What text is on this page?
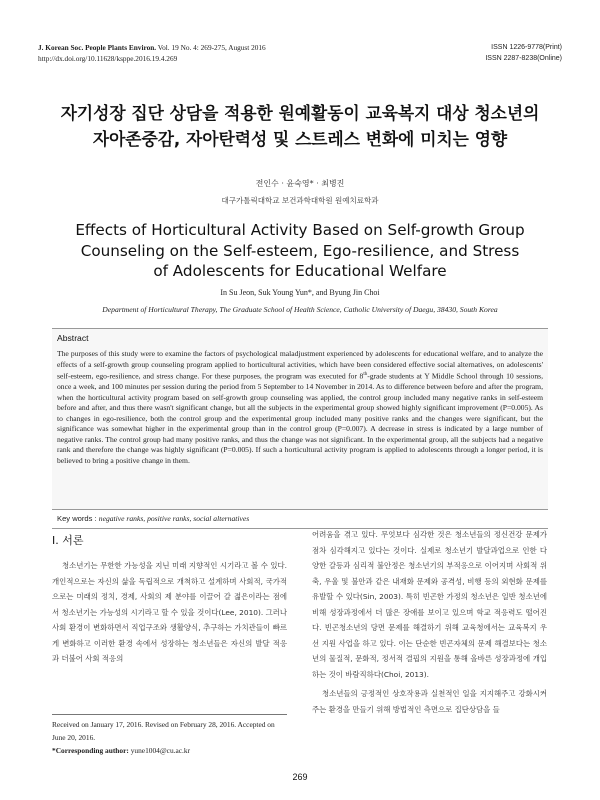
J. Korean Soc. People Plants Environ. Vol. 19 No. 4: 269-275, August 2016
http://dx.doi.org/10.11628/ksppe.2016.19.4.269
ISSN 1226-9778(Print)
ISSN 2287-8238(Online)
자기성장 집단 상담을 적용한 원예활동이 교육복지 대상 청소년의
자아존중감, 자아탄력성 및 스트레스 변화에 미치는 영향
전인수 · 윤숙영* · 최병진
대구가톨릭대학교 보건과학대학원 원예치료학과
Effects of Horticultural Activity Based on Self-growth Group
Counseling on the Self-esteem, Ego-resilience, and Stress
of Adolescents for Educational Welfare
In Su Jeon, Suk Young Yun*, and Byung Jin Choi
Department of Horticultural Therapy, The Graduate School of Health Science, Catholic University of Daegu, 38430, South Korea
Abstract
The purposes of this study were to examine the factors of psychological maladjustment experienced by adolescents for educational welfare, and to analyze the effects of a self-growth group counseling program applied to horticultural activities, which have been considered effective social alternatives, on adolescents' self-esteem, ego-resilience, and stress change. For these purposes, the program was executed for 8th-grade students at Y Middle School through 10 sessions, once a week, and 100 minutes per session during the period from 5 September to 14 November in 2014. As to difference between before and after the program, when the horticultural activity program based on self-growth group counseling was applied, the control group included many negative ranks in self-esteem before and after, and thus there wasn't significant change, but all the subjects in the experimental group showed highly significant improvement (P=0.005). As to changes in ego-resilience, both the control group and the experimental group included many positive ranks and the changes were significant, but the significance was somewhat higher in the experimental group than in the control group (P=0.007). A decrease in stress is indicated by a large number of negative ranks. The control group had many positive ranks, and thus the change was not significant. In the experimental group, all the subjects had a negative rank and therefore the change was highly significant (P=0.005). If such a horticultural activity program is applied to adolescents through a longer period, it is believed to bring a positive change in them.
Key words : negative ranks, positive ranks, social alternatives
Ⅰ. 서론

청소년기는 무한한 가능성을 지닌 미래 지향적인 시기라고 볼 수 있다. 개인적으로는 자신의 삶을 독립적으로 개척하고 설계하며 사회적, 국가적으로는 미래의 정치, 경제, 사회의 제 분야를 이끌어 갈 젊은이라는 점에서 청소년기는 가능성의 시기라고 할 수 있을 것이다(Lee, 2010). 그러나 사회 환경이 변화하면서 직업구조와 생활양식, 추구하는 가치관들이 빠르게 변화하고 이러한 환경 속에서 성장하는 청소년들은 자신의 발달 적응과 더불어 사회 적응의

어려움을 겪고 있다. 무엇보다 심각한 것은 청소년들의 정신건강 문제가 점차 심각해지고 있다는 것이다. 실제로 청소년기 발달과업으로 인한 다양한 갈등과 심리적 불안정은 청소년기의 부적응으로 이어지며 사회적 위축, 우울 및 불안과 같은 내재화 문제와 공격성, 비행 등의 외현화 문제를 유발할 수 있다(Sin, 2003). 특히 빈곤한 가정의 청소년은 일반 청소년에 비해 성장과정에서 더 많은 장애를 보이고 있으며 학교 적응력도 떨어진다. 빈곤청소년의 당면 문제를 해결하기 위해 교육청에서는 교육복지 우선 지원 사업을 하고 있다. 이는 단순한 빈곤자체의 문제 해결보다는 청소년의 물질적, 문화적, 정서적 결핍의 지원을 통해 올바른 성장과정에 개입하는 것이 바람직하다(Choi, 2013).

청소년들의 긍정적인 상호작용과 실천적인 일을 지지해주고 강화시켜주는 환경을 만들기 위해 방법적인 측면으로 집단상담을 들

Received on January 17, 2016. Revised on February 28, 2016. Accepted on June 20, 2016.
*Corresponding author: yune1004@cu.ac.kr
269
